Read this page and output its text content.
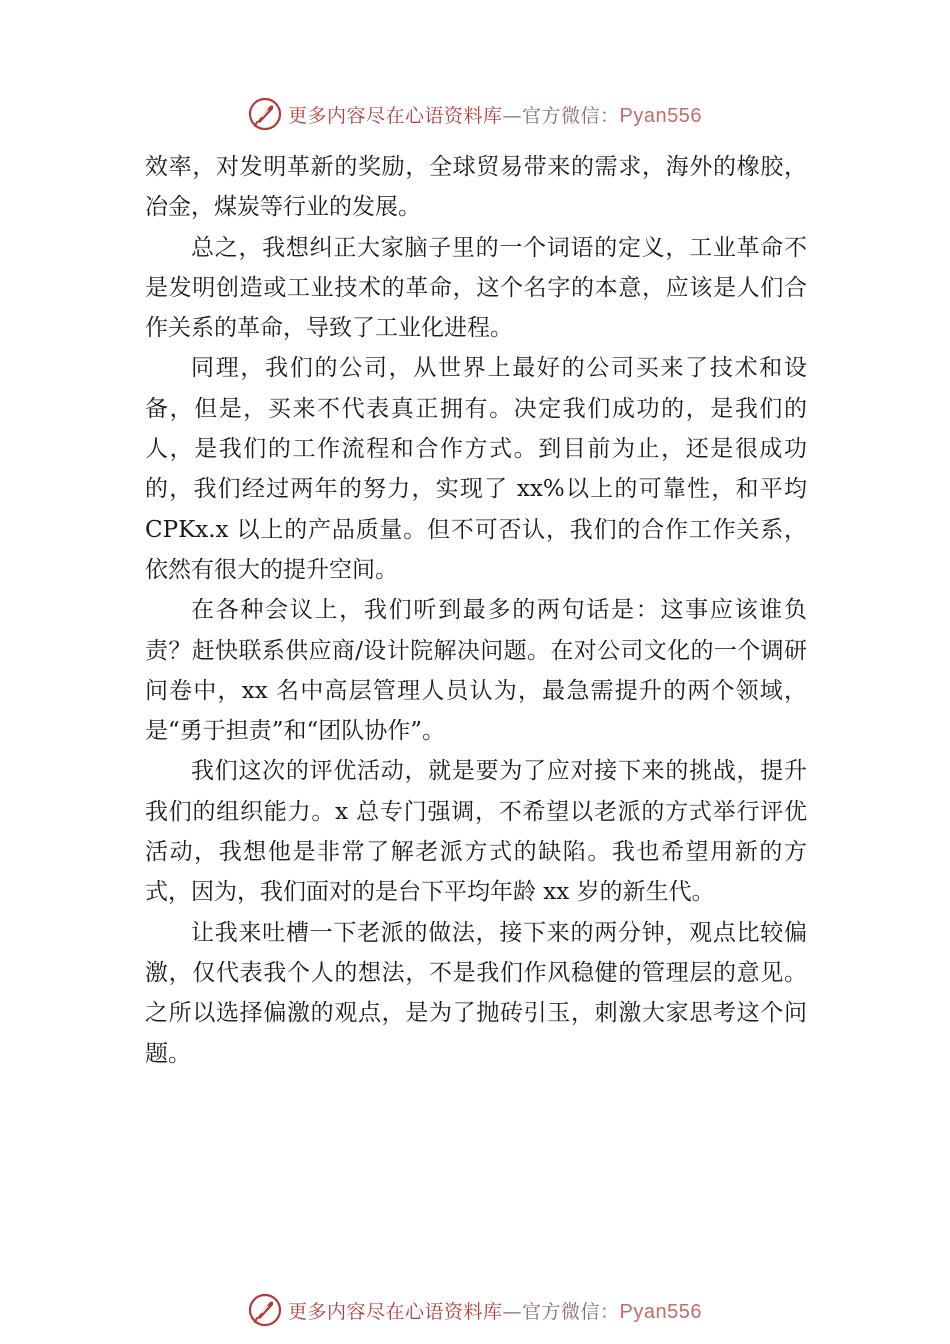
更多内容尽在心语资料库—官方微信：Pyan556

效率，对发明革新的奖励，全球贸易带来的需求，海外的橡胶，冶金，煤炭等行业的发展。

总之，我想纠正大家脑子里的一个词语的定义，工业革命不是发明创造或工业技术的革命，这个名字的本意，应该是人们合作关系的革命，导致了工业化进程。

同理，我们的公司，从世界上最好的公司买来了技术和设备，但是，买来不代表真正拥有。决定我们成功的，是我们的人，是我们的工作流程和合作方式。到目前为止，还是很成功的，我们经过两年的努力，实现了 xx%以上的可靠性，和平均 CPKx.x 以上的产品质量。但不可否认，我们的合作工作关系，依然有很大的提升空间。

在各种会议上，我们听到最多的两句话是：这事应该谁负责？赶快联系供应商/设计院解决问题。在对公司文化的一个调研问卷中，xx 名中高层管理人员认为，最急需提升的两个领域，是“勇于担责”和“团队协作”。

我们这次的评优活动，就是要为了应对接下来的挑战，提升我们的组织能力。x 总专门强调，不希望以老派的方式举行评优活动，我想他是非常了解老派方式的缺陷。我也希望用新的方式，因为，我们面对的是台下平均年龄 xx 岁的新生代。

让我来吐槽一下老派的做法，接下来的两分钟，观点比较偏激，仅代表我个人的想法，不是我们作风稳健的管理层的意见。之所以选择偏激的观点，是为了抛砖引玉，刺激大家思考这个问题。

更多内容尽在心语资料库—官方微信：Pyan556
